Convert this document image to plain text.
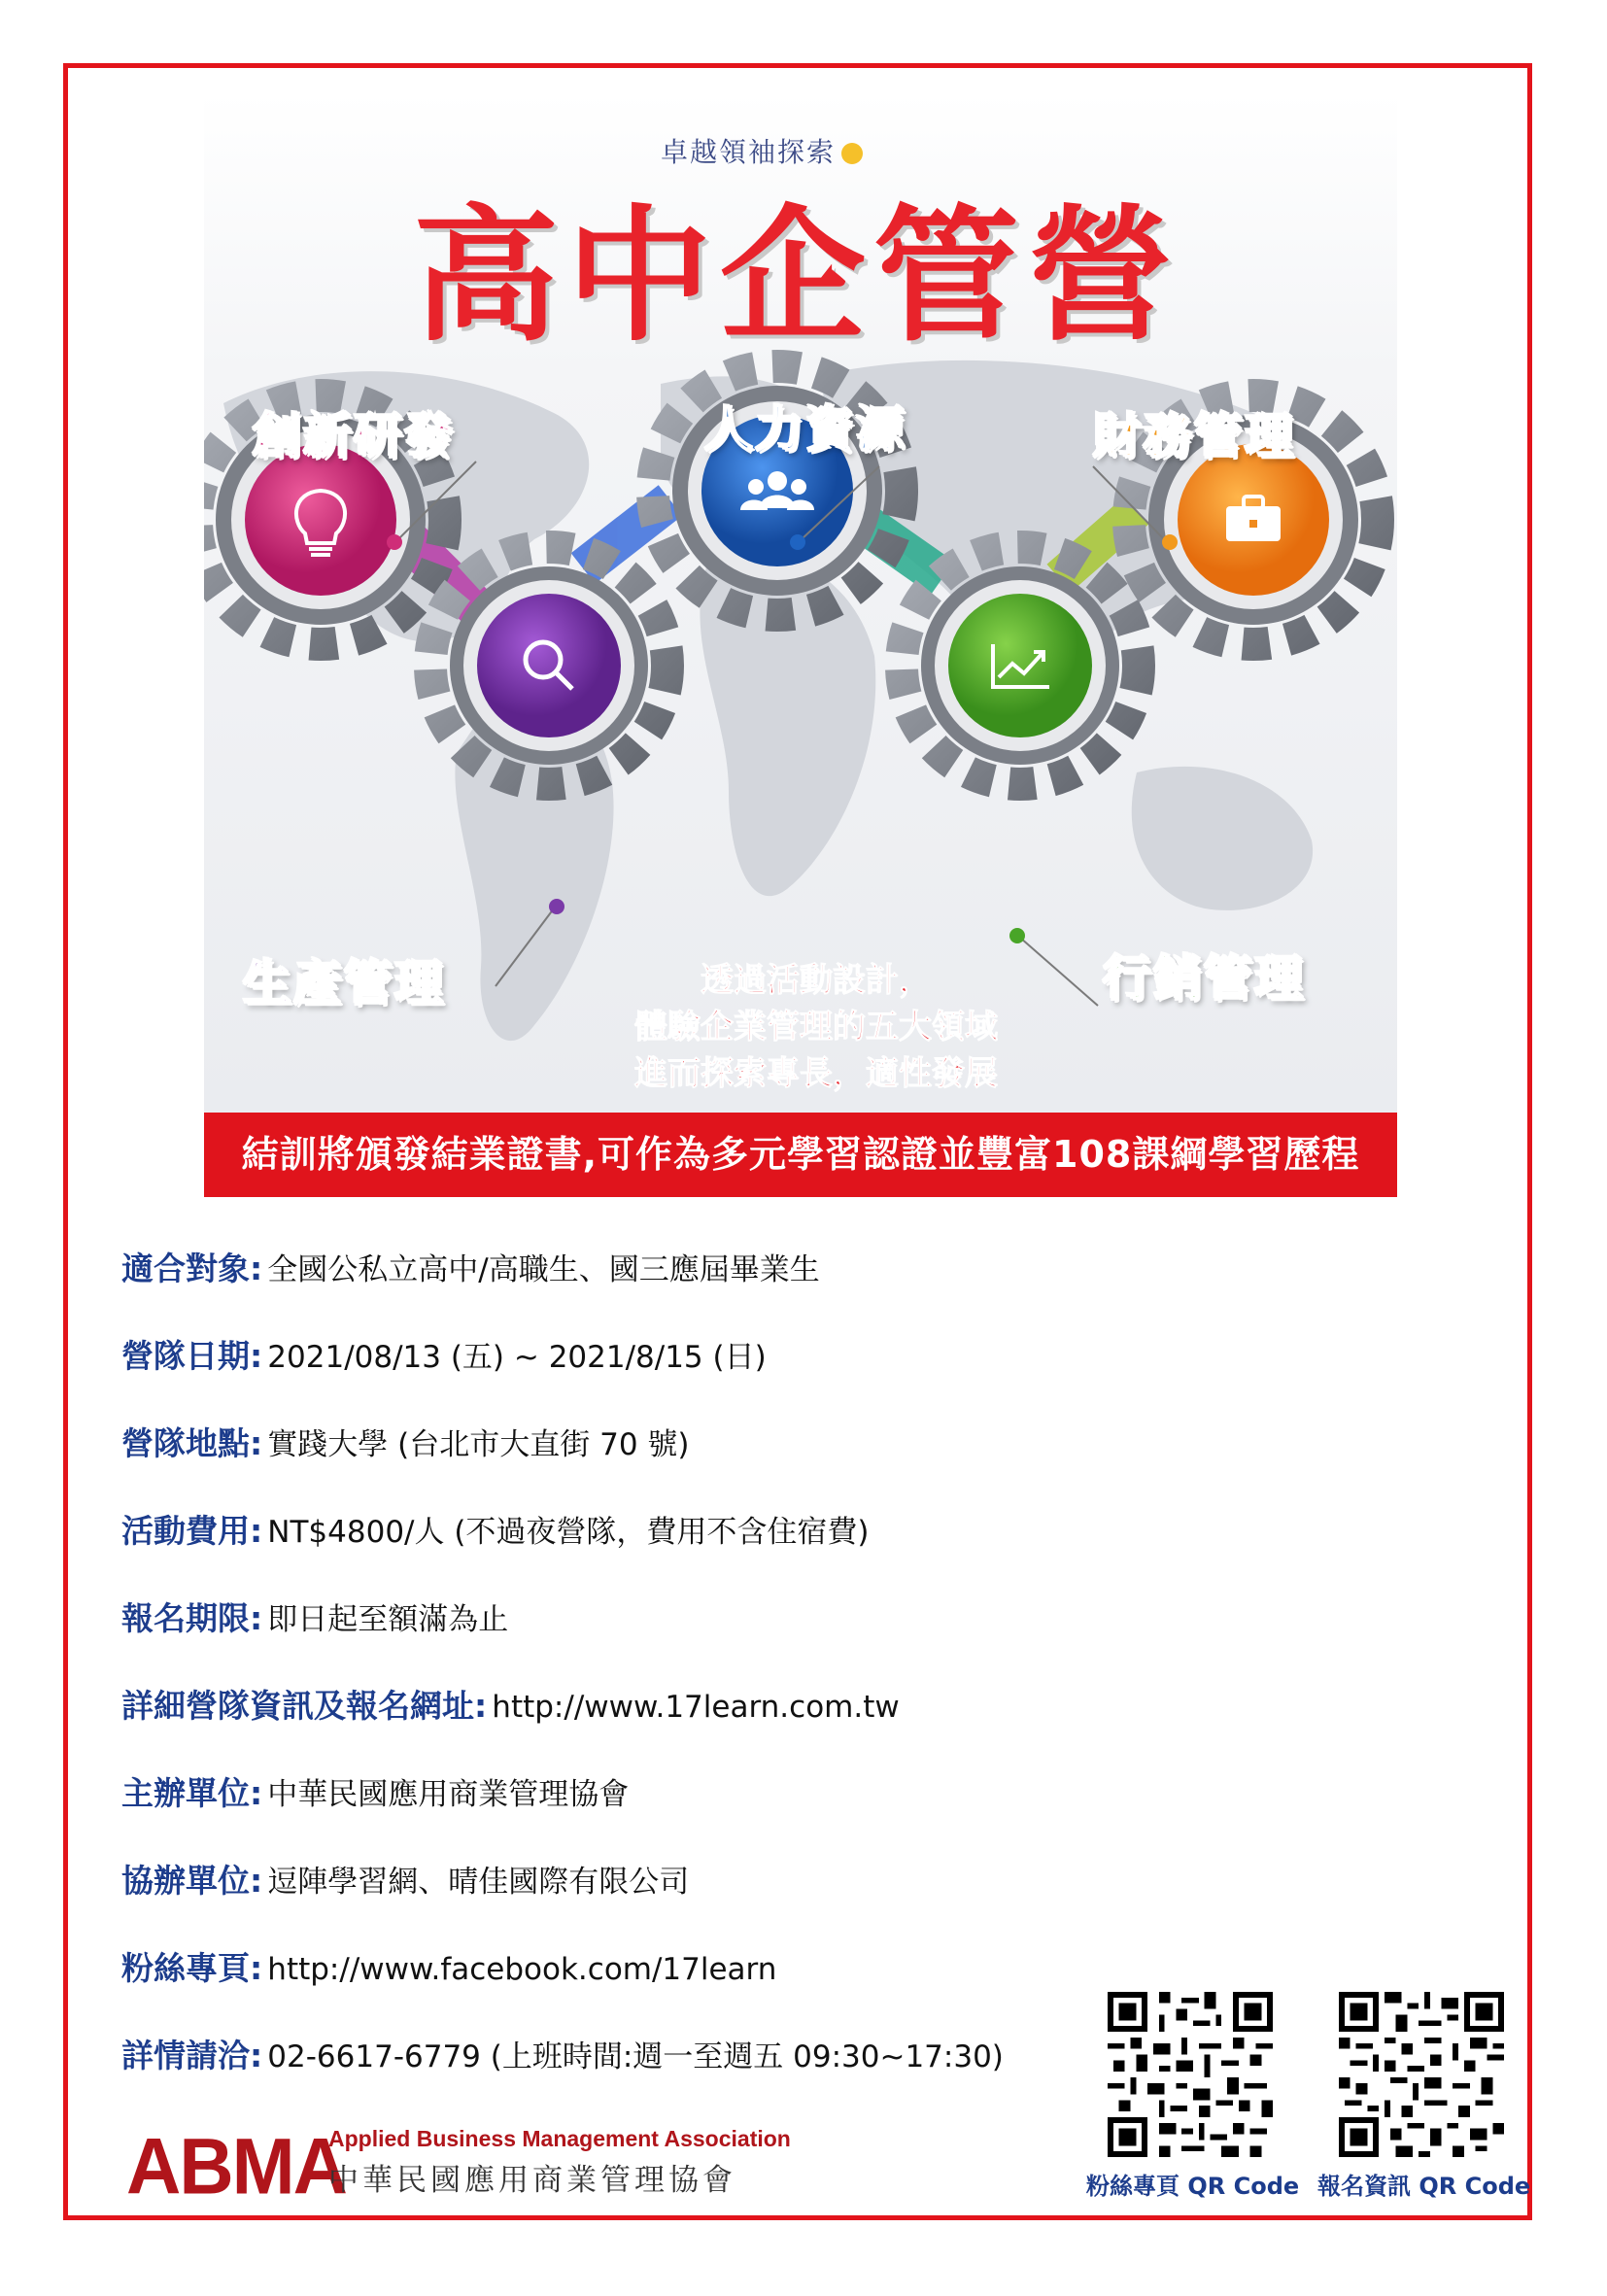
卓越領袖探索
高中企管營
創新研發	人力資源	財務管理
生產管理	行銷管理
透過活動設計，
體驗企業管理的五大領域
進而探索專長，適性發展
結訓將頒發結業證書,可作為多元學習認證並豐富108課綱學習歷程
適合對象: 全國公私立高中/高職生、國三應屆畢業生
營隊日期: 2021/08/13 (五) ~ 2021/8/15 (日)
營隊地點: 實踐大學 (台北市大直街 70 號)
活動費用: NT$4800/人 (不過夜營隊，費用不含住宿費)
報名期限: 即日起至額滿為止
詳細營隊資訊及報名網址: http://www.17learn.com.tw
主辦單位: 中華民國應用商業管理協會
協辦單位: 逗陣學習網、晴佳國際有限公司
粉絲專頁: http://www.facebook.com/17learn
詳情請洽: 02-6617-6779 (上班時間:週一至週五 09:30~17:30)
ABMA
Applied Business Management Association
中華民國應用商業管理協會	粉絲專頁 QR Code 報名資訊 QR Code
